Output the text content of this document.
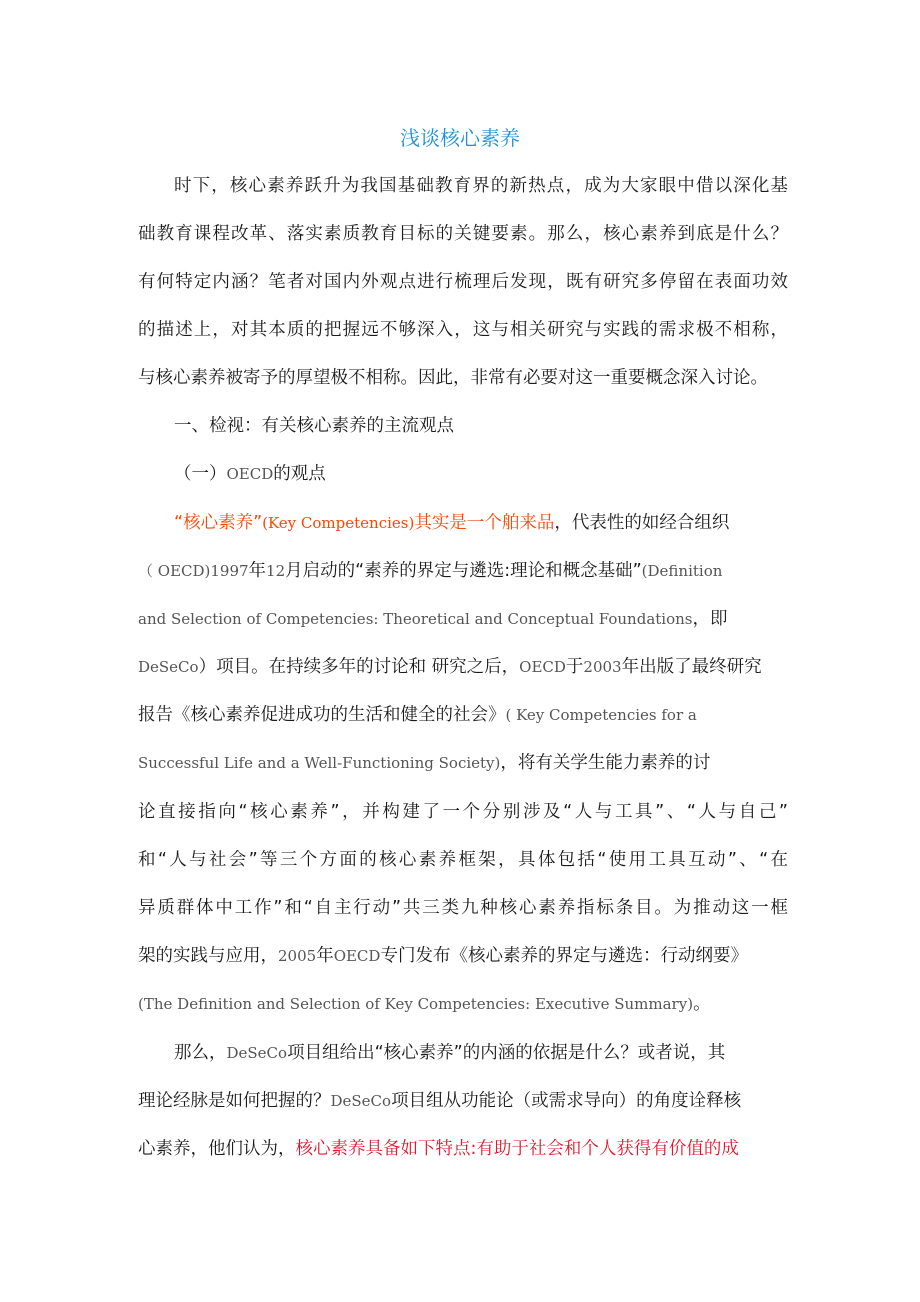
浅谈核心素养
时下，核心素养跃升为我国基础教育界的新热点，成为大家眼中借以深化基
础教育课程改革、落实素质教育目标的关键要素。那么，核心素养到底是什么？
有何特定内涵？笔者对国内外观点进行梳理后发现，既有研究多停留在表面功效
的描述上，对其本质的把握远不够深入，这与相关研究与实践的需求极不相称，
与核心素养被寄予的厚望极不相称。因此，非常有必要对这一重要概念深入讨论。
一、检视：有关核心素养的主流观点
（一）OECD的观点
“核心素养”(Key Competencies)其实是一个舶来品，代表性的如经合组织
（ OECD)1997年12月启动的“素养的界定与遴选:理论和概念基础”(Definition
and Selection of Competencies: Theoretical and Conceptual Foundations，即
DeSeCo）项目。在持续多年的讨论和 研究之后，OECD于2003年出版了最终研究
报告《核心素养促进成功的生活和健全的社会》( Key Competencies for a
Successful Life and a Well-Functioning Society)，将有关学生能力素养的讨
论直接指向“核心素养”，并构建了一个分别涉及“人与工具”、“人与自己”
和“人与社会”等三个方面的核心素养框架，具体包括“使用工具互动”、“在
异质群体中工作”和“自主行动”共三类九种核心素养指标条目。为推动这一框
架的实践与应用，2005年OECD专门发布《核心素养的界定与遴选：行动纲要》
(The Definition and Selection of Key Competencies: Executive Summary)。
那么，DeSeCo项目组给出“核心素养”的内涵的依据是什么？或者说，其
理论经脉是如何把握的？DeSeCo项目组从功能论（或需求导向）的角度诠释核
心素养，他们认为，核心素养具备如下特点:有助于社会和个人获得有价值的成
